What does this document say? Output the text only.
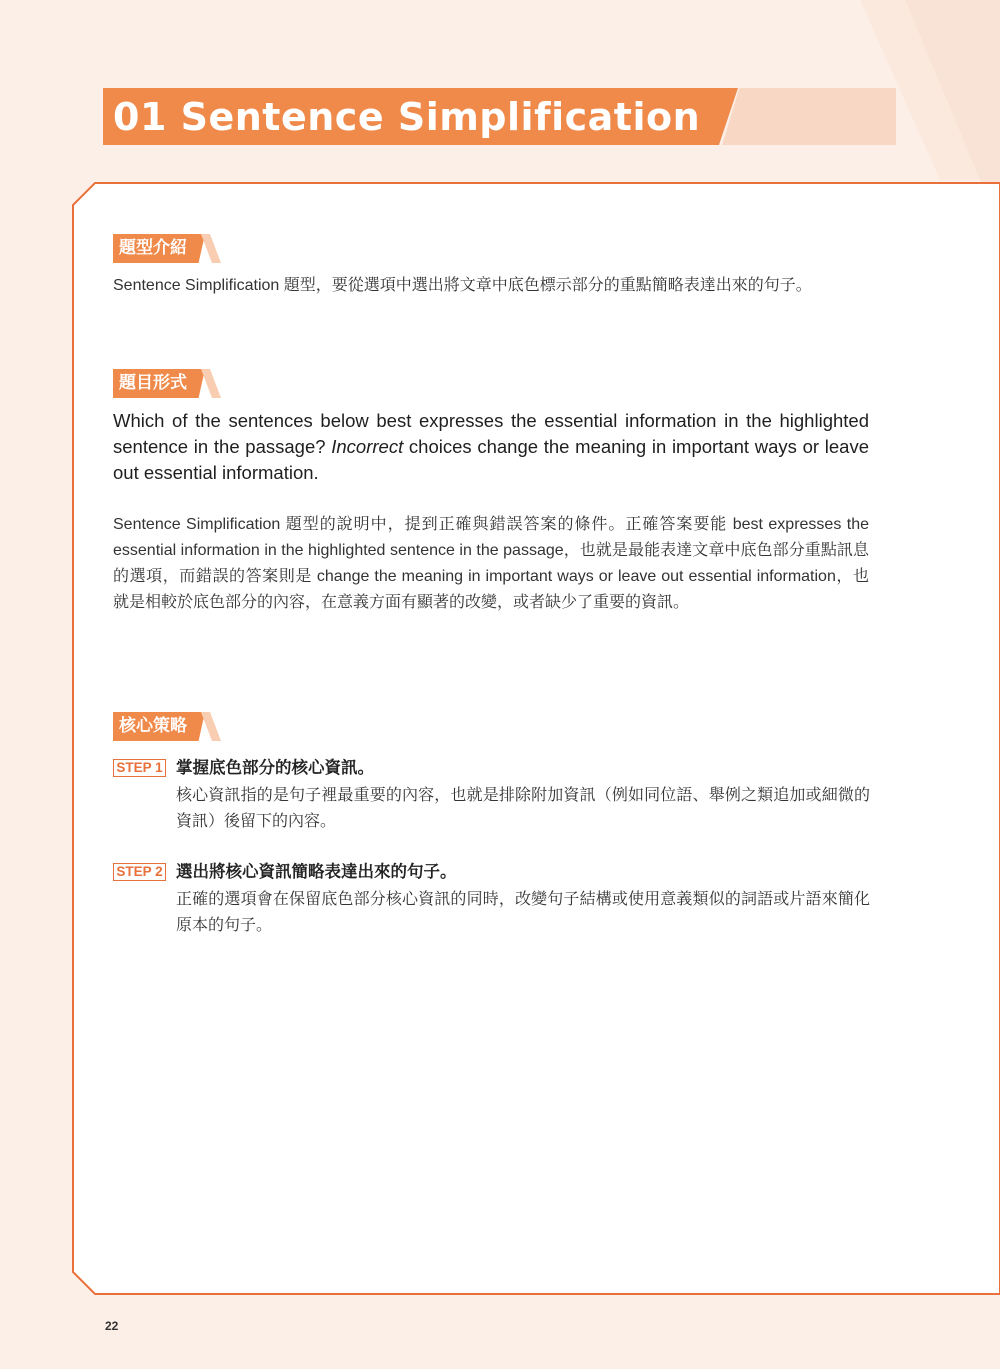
01 Sentence Simplification
題型介紹

Sentence Simplification 題型，要從選項中選出將文章中底色標示部分的重點簡略表達出來的句子。

題目形式

Which of the sentences below best expresses the essential information in the highlighted sentence in the passage? Incorrect choices change the meaning in important ways or leave out essential information.

Sentence Simplification 題型的說明中，提到正確與錯誤答案的條件。正確答案要能 best expresses the essential information in the highlighted sentence in the passage，也就是最能表達文章中底色部分重點訊息的選項，而錯誤的答案則是 change the meaning in important ways or leave out essential information，也就是相較於底色部分的內容，在意義方面有顯著的改變，或者缺少了重要的資訊。

核心策略
STEP 1 掌握底色部分的核心資訊。

核心資訊指的是句子裡最重要的內容，也就是排除附加資訊（例如同位語、舉例之類追加或細微的資訊）後留下的內容。

STEP 2 選出將核心資訊簡略表達出來的句子。

正確的選項會在保留底色部分核心資訊的同時，改變句子結構或使用意義類似的詞語或片語來簡化原本的句子。

22
